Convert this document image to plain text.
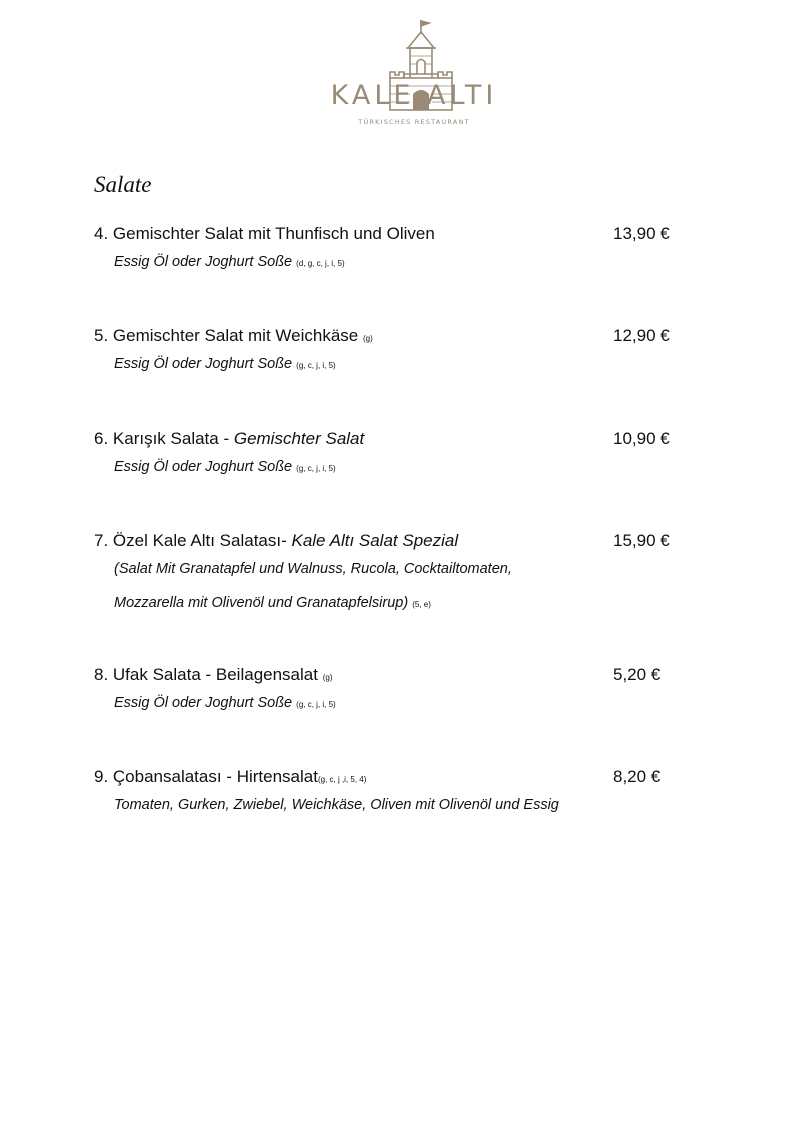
KALE ALTI
TÜRKISCHES RESTAURANT
Salate
4. Gemischter Salat mit Thunfisch und Oliven	13,90 €
Essig Öl oder Joghurt Soße (d, g, c, j, i, 5)
5. Gemischter Salat mit Weichkäse (g)	12,90 €
Essig Öl oder Joghurt Soße (g, c, j, i, 5)
6. Karışık Salata - Gemischter Salat	10,90 €
Essig Öl oder Joghurt Soße (g, c, j, i, 5)
7. Özel Kale Altı Salatası- Kale Altı Salat Spezial	15,90 €
(Salat Mit Granatapfel und Walnuss, Rucola, Cocktailtomaten,
Mozzarella mit Olivenöl und Granatapfelsirup) (5, e)
8. Ufak Salata - Beilagensalat (g)	5,20 €
Essig Öl oder Joghurt Soße (g, c, j, i, 5)
9. Çobansalatası - Hirtensalat(g, c, j ,i, 5, 4)	8,20 €
Tomaten, Gurken, Zwiebel, Weichkäse, Oliven mit Olivenöl und Essig
